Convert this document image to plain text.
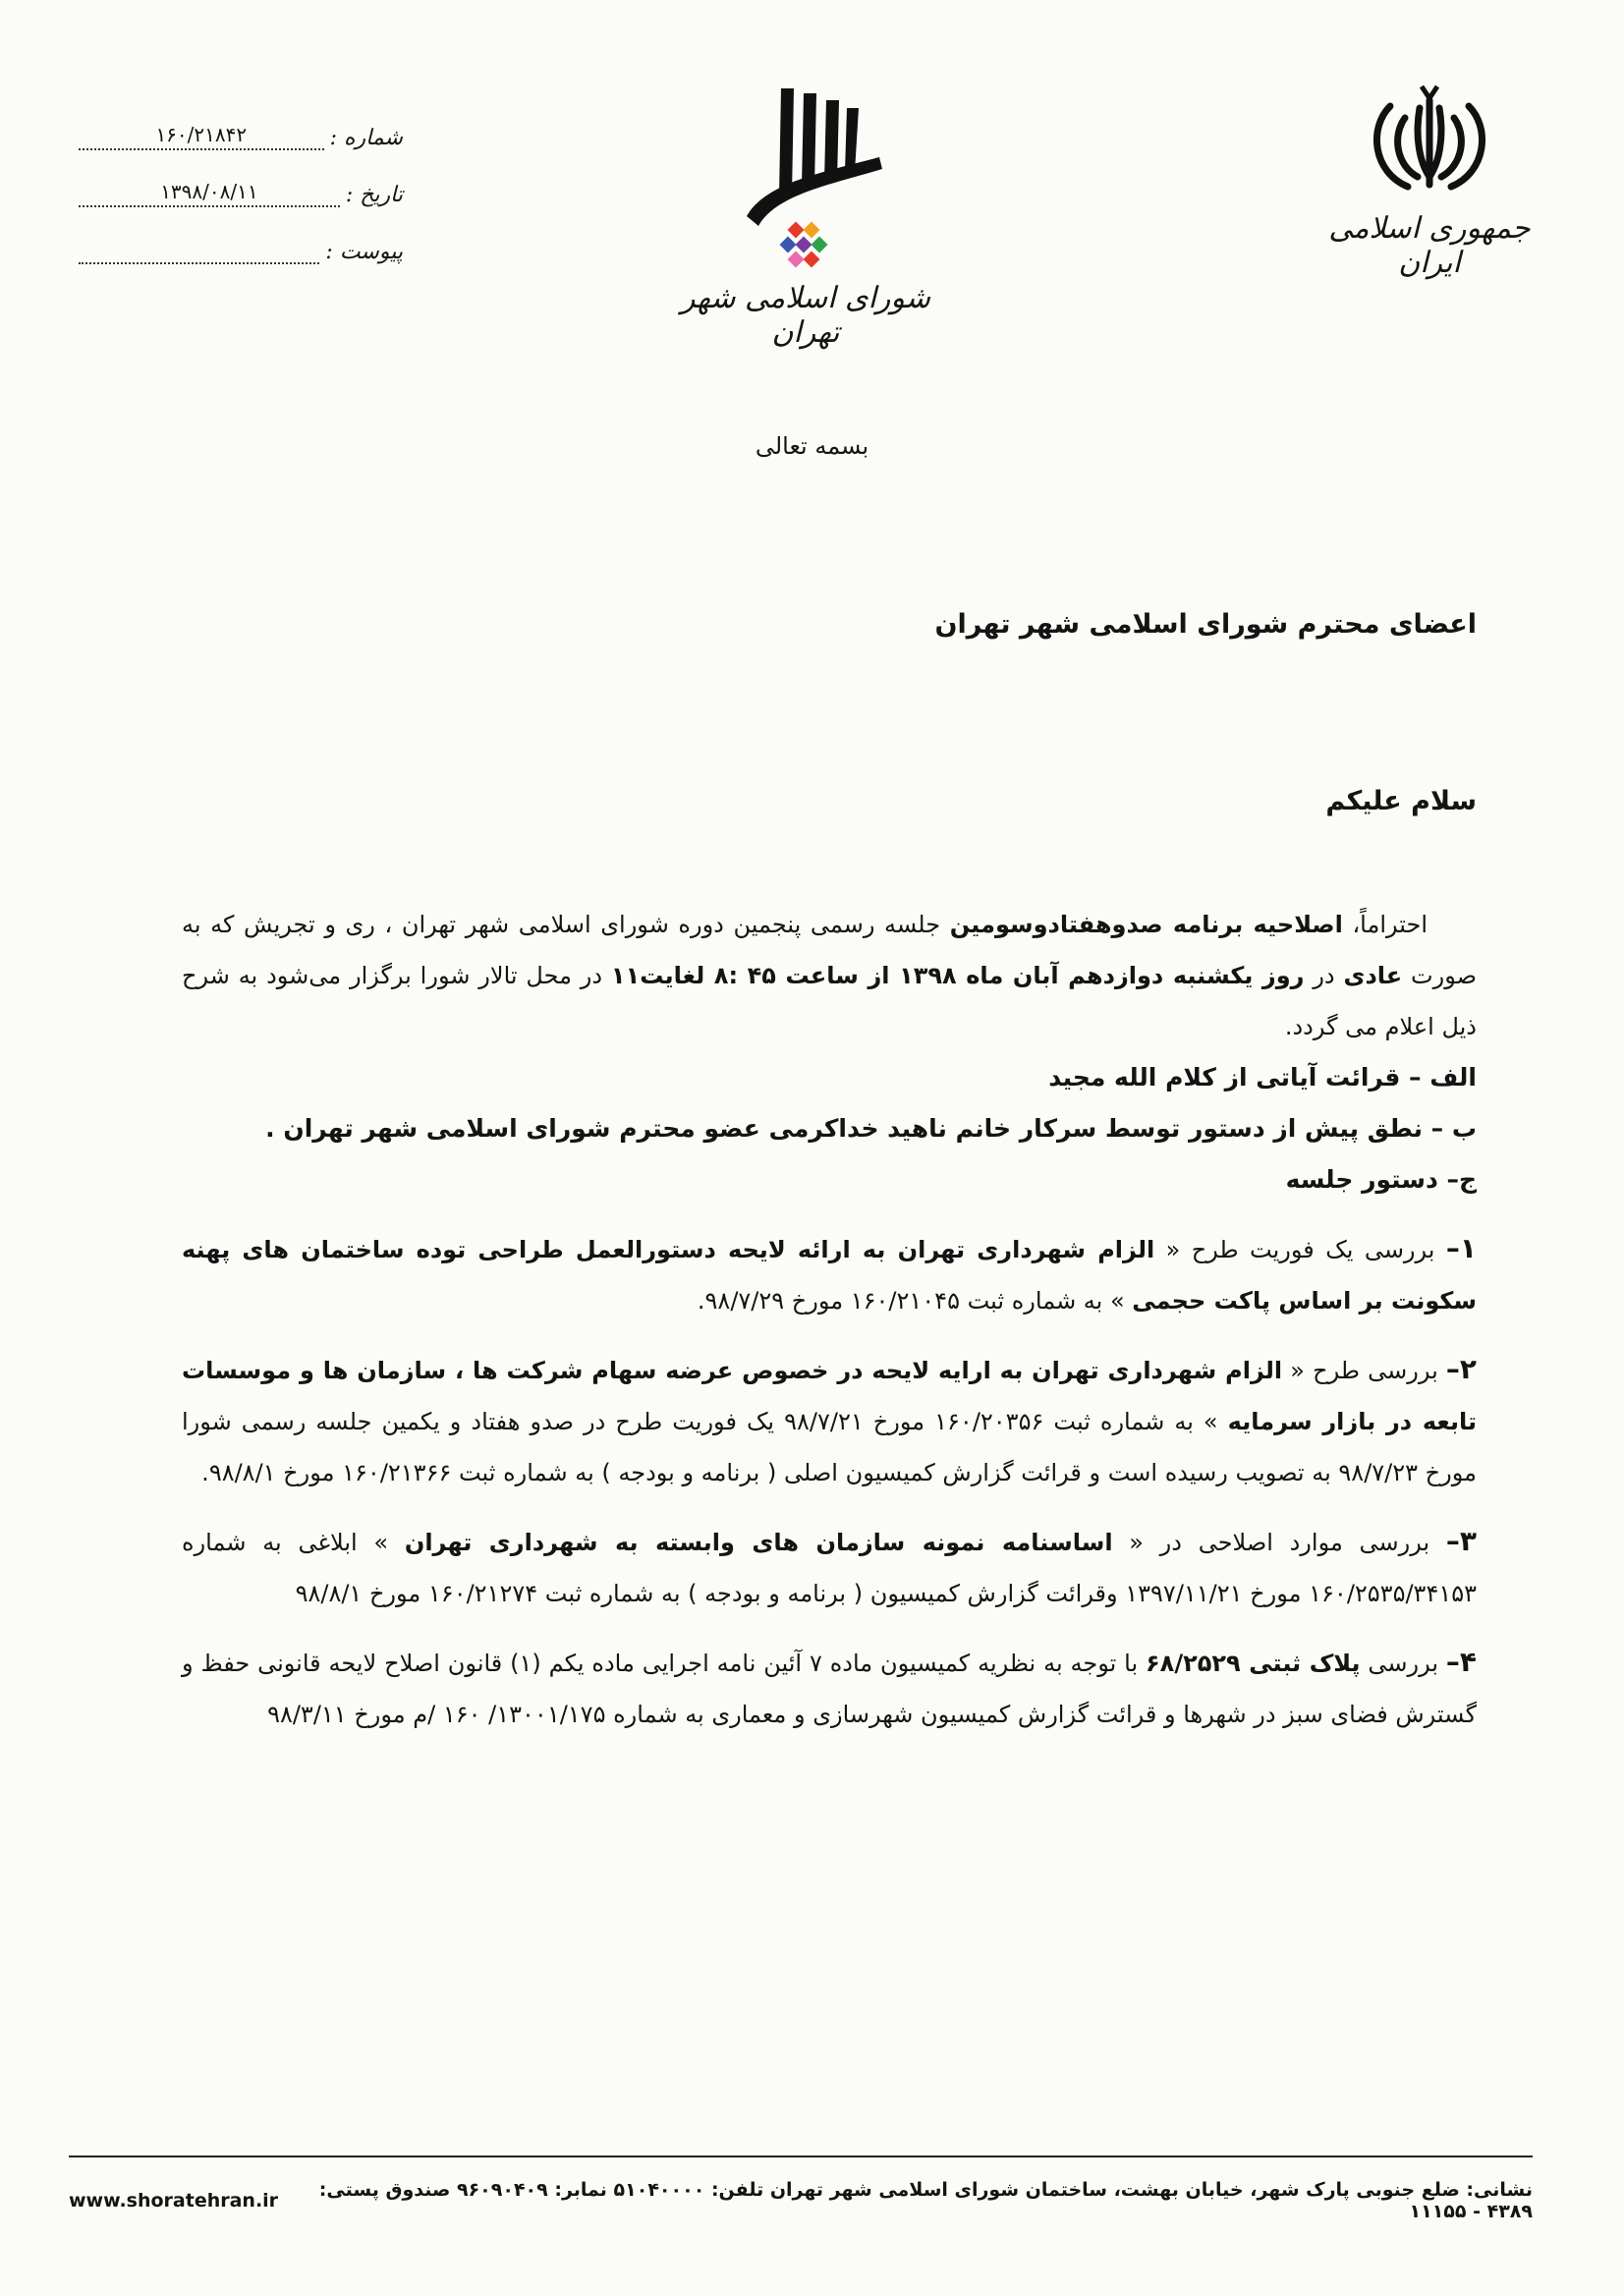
جمهوری اسلامی ایران
شورای اسلامی شهر تهران
شماره :
۱۶۰/۲۱۸۴۲
تاریخ :
۱۳۹۸/۰۸/۱۱
پیوست :
بسمه تعالی
اعضای محترم شورای اسلامی شهر تهران
سلام علیکم

احتراماً، اصلاحیه برنامه صدوهفتادوسومین جلسه رسمی پنجمین دوره شورای اسلامی شهر تهران ، ری و تجریش که به صورت عادی در روز یکشنبه دوازدهم آبان ماه ۱۳۹۸ از ساعت ۴۵ :۸ لغایت۱۱ در محل تالار شورا برگزار می‌شود به شرح ذیل اعلام می گردد.

الف – قرائت آیاتی از کلام الله مجید

ب – نطق پیش از دستور توسط سرکار خانم ناهید خداکرمی عضو محترم شورای اسلامی شهر تهران .

ج– دستور جلسه

۱– بررسی یک فوریت طرح « الزام شهرداری تهران به ارائه لایحه دستورالعمل طراحی توده ساختمان های پهنه سکونت بر اساس پاکت حجمی » به شماره ثبت ۱۶۰/۲۱۰۴۵ مورخ ۹۸/۷/۲۹.

۲– بررسی طرح « الزام شهرداری تهران به ارایه لایحه در خصوص عرضه سهام شرکت ها ، سازمان ها و موسسات تابعه در بازار سرمایه » به شماره ثبت ۱۶۰/۲۰۳۵۶ مورخ ۹۸/۷/۲۱ یک فوریت طرح در صدو هفتاد و یکمین جلسه رسمی شورا مورخ ۹۸/۷/۲۳ به تصویب رسیده است و قرائت گزارش کمیسیون اصلی ( برنامه و بودجه ) به شماره ثبت ۱۶۰/۲۱۳۶۶ مورخ ۹۸/۸/۱.

۳– بررسی موارد اصلاحی در « اساسنامه نمونه سازمان های وابسته به شهرداری تهران » ابلاغی به شماره ۱۶۰/۲۵۳۵/۳۴۱۵۳ مورخ ۱۳۹۷/۱۱/۲۱ وقرائت گزارش کمیسیون ( برنامه و بودجه ) به شماره ثبت ۱۶۰/۲۱۲۷۴ مورخ ۹۸/۸/۱

۴– بررسی پلاک ثبتی ۶۸/۲۵۲۹ با توجه به نظریه کمیسیون ماده ۷ آئین نامه اجرایی ماده یکم (۱) قانون اصلاح لایحه قانونی حفظ و گسترش فضای سبز در شهرها و قرائت گزارش کمیسیون شهرسازی و معماری به شماره ۱۳۰۰۱/۱۷۵/ ۱۶۰ /م مورخ ۹۸/۳/۱۱

www.shoratehran.ir	نشانی: ضلع جنوبی پارک شهر، خیابان بهشت، ساختمان شورای اسلامی شهر تهران تلفن: ۵۱۰۴۰۰۰۰ نمابر: ۹۶۰۹۰۴۰۹ صندوق پستی: ۴۳۸۹ - ۱۱۱۵۵
